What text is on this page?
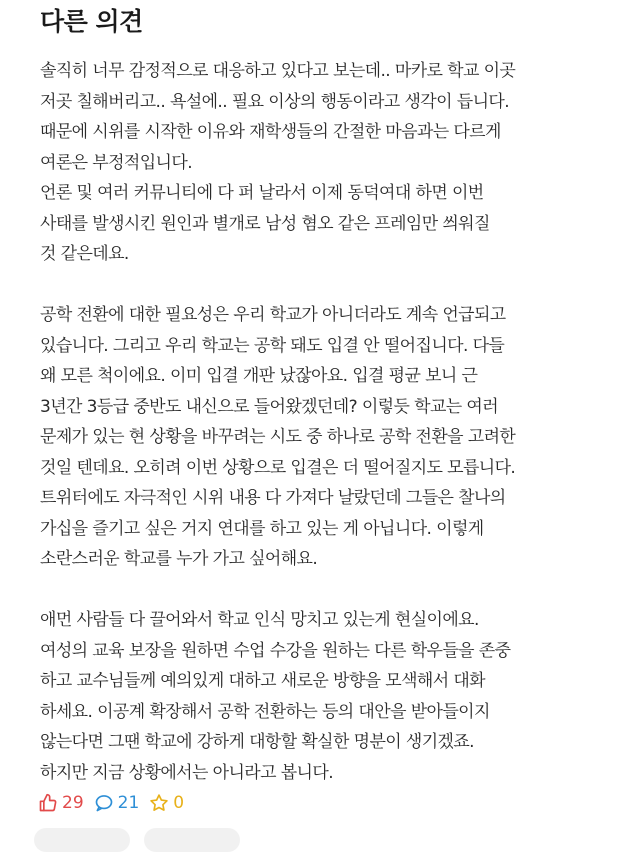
다른 의견
솔직히 너무 감정적으로 대응하고 있다고 보는데.. 마카로 학교 이곳
저곳 칠해버리고.. 욕설에.. 필요 이상의 행동이라고 생각이 듭니다.
때문에 시위를 시작한 이유와 재학생들의 간절한 마음과는 다르게
여론은 부정적입니다.
언론 및 여러 커뮤니티에 다 퍼 날라서 이제 동덕여대 하면 이번
사태를 발생시킨 원인과 별개로 남성 혐오 같은 프레임만 씌워질
것 같은데요.
공학 전환에 대한 필요성은 우리 학교가 아니더라도 계속 언급되고
있습니다. 그리고 우리 학교는 공학 돼도 입결 안 떨어집니다. 다들
왜 모른 척이에요. 이미 입결 개판 났잖아요. 입결 평균 보니 근
3년간 3등급 중반도 내신으로 들어왔겠던데? 이렇듯 학교는 여러
문제가 있는 현 상황을 바꾸려는 시도 중 하나로 공학 전환을 고려한
것일 텐데요. 오히려 이번 상황으로 입결은 더 떨어질지도 모릅니다.
트위터에도 자극적인 시위 내용 다 가져다 날랐던데 그들은 찰나의
가십을 즐기고 싶은 거지 연대를 하고 있는 게 아닙니다. 이렇게
소란스러운 학교를 누가 가고 싶어해요.
애먼 사람들 다 끌어와서 학교 인식 망치고 있는게 현실이에요.
여성의 교육 보장을 원하면 수업 수강을 원하는 다른 학우들을 존중
하고 교수님들께 예의있게 대하고 새로운 방향을 모색해서 대화
하세요. 이공계 확장해서 공학 전환하는 등의 대안을 받아들이지
않는다면 그땐 학교에 강하게 대항할 확실한 명분이 생기겠죠.
하지만 지금 상황에서는 아니라고 봅니다.
29 21 0
